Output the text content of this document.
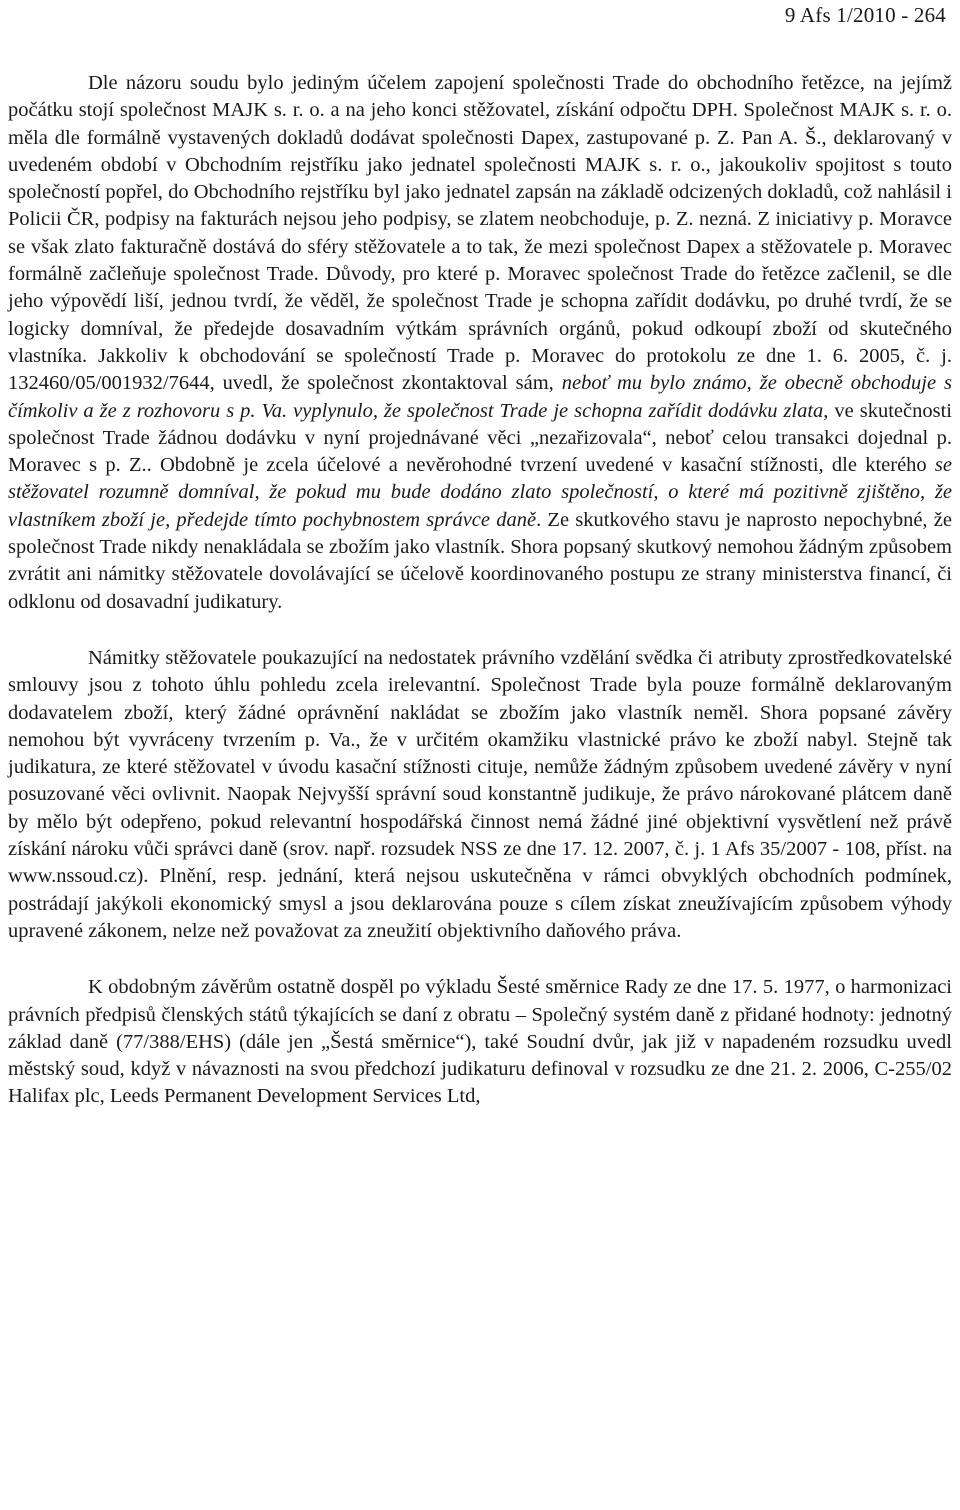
9 Afs 1/2010 - 264

Dle názoru soudu bylo jediným účelem zapojení společnosti Trade do obchodního řetězce, na jejímž počátku stojí společnost MAJK s. r. o. a na jeho konci stěžovatel, získání odpočtu DPH. Společnost MAJK s. r. o. měla dle formálně vystavených dokladů dodávat společnosti Dapex, zastupované p. Z. Pan A. Š., deklarovaný v uvedeném období v Obchodním rejstříku jako jednatel společnosti MAJK s. r. o., jakoukoliv spojitost s touto společností popřel, do Obchodního rejstříku byl jako jednatel zapsán na základě odcizených dokladů, což nahlásil i Policii ČR, podpisy na fakturách nejsou jeho podpisy, se zlatem neobchoduje, p. Z. nezná. Z iniciativy p. Moravce se však zlato fakturačně dostává do sféry stěžovatele a to tak, že mezi společnost Dapex a stěžovatele p. Moravec formálně začleňuje společnost Trade. Důvody, pro které p. Moravec společnost Trade do řetězce začlenil, se dle jeho výpovědí liší, jednou tvrdí, že věděl, že společnost Trade je schopna zařídit dodávku, po druhé tvrdí, že se logicky domníval, že předejde dosavadním výtkám správních orgánů, pokud odkoupí zboží od skutečného vlastníka. Jakkoliv k obchodování se společností Trade p. Moravec do protokolu ze dne 1. 6. 2005, č. j. 132460/05/001932/7644, uvedl, že společnost zkontaktoval sám, neboť mu bylo známo, že obecně obchoduje s čímkoliv a že z rozhovoru s p. Va. vyplynulo, že společnost Trade je schopna zařídit dodávku zlata, ve skutečnosti společnost Trade žádnou dodávku v nyní projednávané věci „nezařizovala“, neboť celou transakci dojednal p. Moravec s p. Z.. Obdobně je zcela účelové a nevěrohodné tvrzení uvedené v kasační stížnosti, dle kterého se stěžovatel rozumně domníval, že pokud mu bude dodáno zlato společností, o které má pozitivně zjištěno, že vlastníkem zboží je, předejde tímto pochybnostem správce daně. Ze skutkového stavu je naprosto nepochybné, že společnost Trade nikdy nenakládala se zbožím jako vlastník. Shora popsaný skutkový nemohou žádným způsobem zvrátit ani námitky stěžovatele dovolávající se účelově koordinovaného postupu ze strany ministerstva financí, či odklonu od dosavadní judikatury.

Námitky stěžovatele poukazující na nedostatek právního vzdělání svědka či atributy zprostředkovatelské smlouvy jsou z tohoto úhlu pohledu zcela irelevantní. Společnost Trade byla pouze formálně deklarovaným dodavatelem zboží, který žádné oprávnění nakládat se zbožím jako vlastník neměl. Shora popsané závěry nemohou být vyvráceny tvrzením p. Va., že v určitém okamžiku vlastnické právo ke zboží nabyl. Stejně tak judikatura, ze které stěžovatel v úvodu kasační stížnosti cituje, nemůže žádným způsobem uvedené závěry v nyní posuzované věci ovlivnit. Naopak Nejvyšší správní soud konstantně judikuje, že právo nárokované plátcem daně by mělo být odepřeno, pokud relevantní hospodářská činnost nemá žádné jiné objektivní vysvětlení než právě získání nároku vůči správci daně (srov. např. rozsudek NSS ze dne 17. 12. 2007, č. j. 1 Afs 35/2007 - 108, příst. na www.nssoud.cz). Plnění, resp. jednání, která nejsou uskutečněna v rámci obvyklých obchodních podmínek, postrádají jakýkoli ekonomický smysl a jsou deklarována pouze s cílem získat zneužívajícím způsobem výhody upravené zákonem, nelze než považovat za zneužití objektivního daňového práva.

K obdobným závěrům ostatně dospěl po výkladu Šesté směrnice Rady ze dne 17. 5. 1977, o harmonizaci právních předpisů členských států týkajících se daní z obratu – Společný systém daně z přidané hodnoty: jednotný základ daně (77/388/EHS) (dále jen „Šestá směrnice“), také Soudní dvůr, jak již v napadeném rozsudku uvedl městský soud, když v návaznosti na svou předchozí judikaturu definoval v rozsudku ze dne 21. 2. 2006, C-255/02 Halifax plc, Leeds Permanent Development Services Ltd,
